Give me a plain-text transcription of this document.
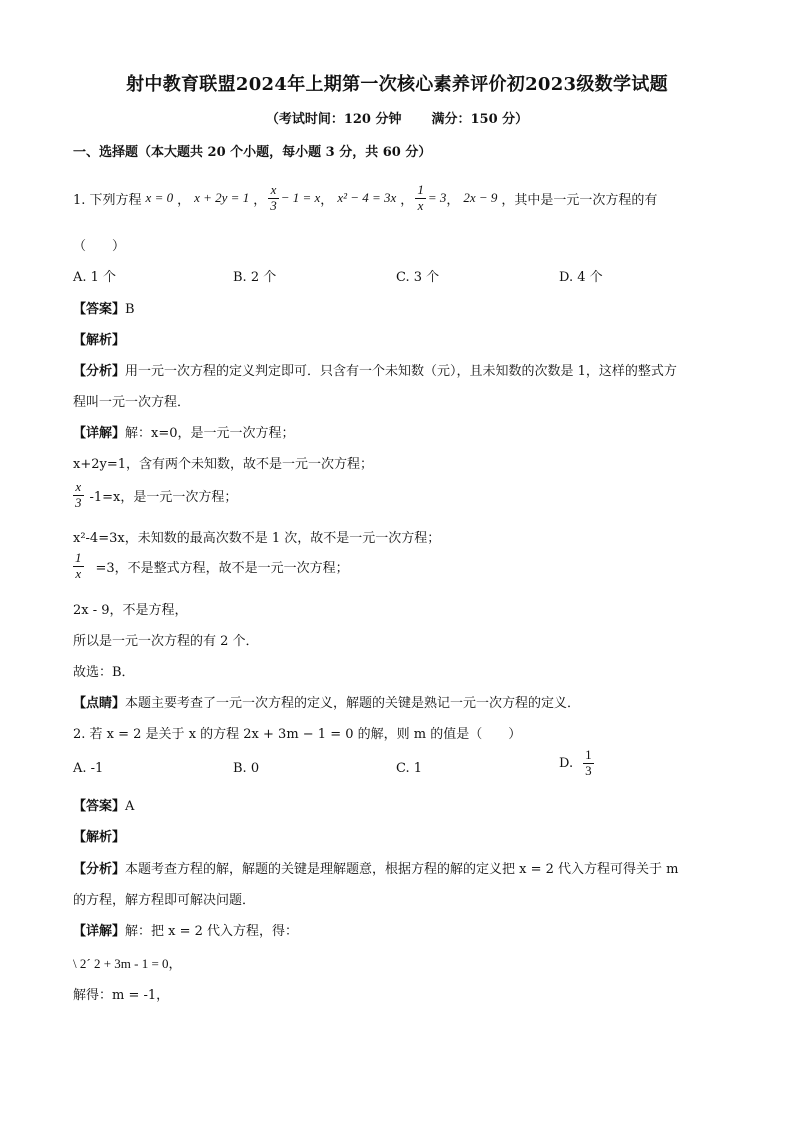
射中教育联盟2024年上期第一次核心素养评价初2023级数学试题
（考试时间：120 分钟 满分：150 分）
一、选择题（本大题共 20 个小题，每小题 3 分，共 60 分）
1. 下列方程 x = 0 ， x + 2y = 1 ， $\frac{x}{3} - 1 = x$ ， x² − 4 = 3x ， $\frac{1}{x} = 3$ ， 2x − 9 ，其中是一元一次方程的有
（　　）
A. 1 个	B. 2 个	C. 3 个	D. 4 个
【答案】B
【解析】
【分析】用一元一次方程的定义判定即可．只含有一个未知数（元），且未知数的次数是 1，这样的整式方
程叫一元一次方程．
【详解】解：x=0，是一元一次方程；
x+2y=1，含有两个未知数，故不是一元一次方程；
$\frac{x}{3} -1=x$，是一元一次方程；
x²-4=3x，未知数的最高次数不是 1 次，故不是一元一次方程；
$\frac{1}{x} =3$，不是整式方程，故不是一元一次方程；
2x - 9，不是方程，
所以是一元一次方程的有 2 个．
故选：B．
【点睛】本题主要考查了一元一次方程的定义，解题的关键是熟记一元一次方程的定义．
2. 若 x = 2 是关于 x 的方程 2x + 3m − 1 = 0 的解，则 m 的值是（　　）
A. -1	B. 0	C. 1	D. $\frac{1}{3}$
【答案】A
【解析】
【分析】本题考查方程的解，解题的关键是理解题意，根据方程的解的定义把 x = 2 代入方程可得关于 m
的方程，解方程即可解决问题．
【详解】解：把 x = 2 代入方程，得：
\ 2´ 2 + 3m - 1 = 0，
解得：m = -1，
